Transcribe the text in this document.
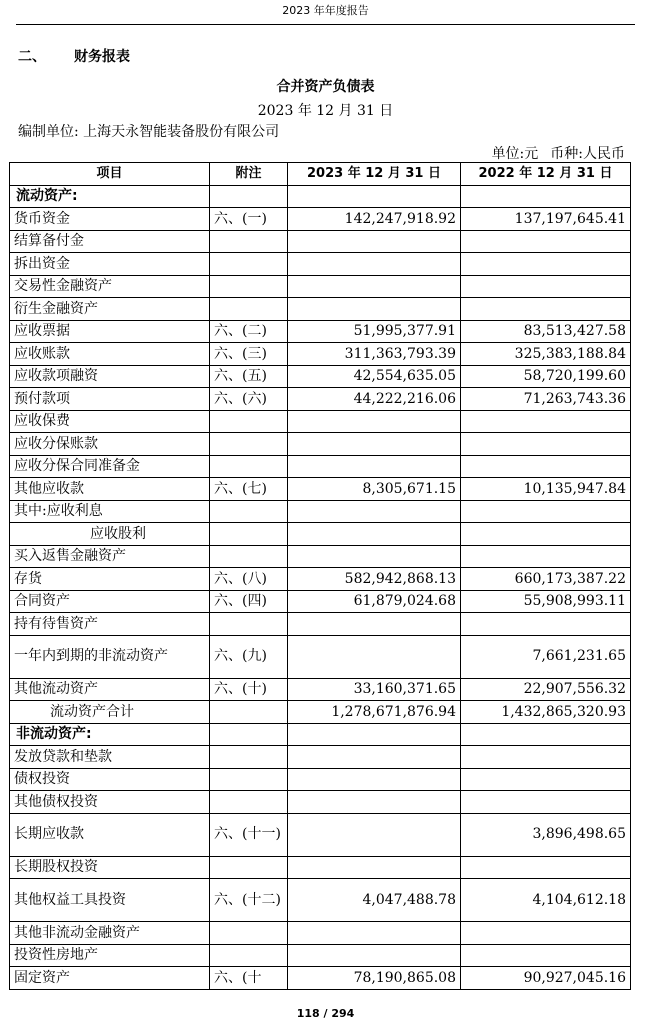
2023 年年度报告
二、 财务报表
合并资产负债表
2023 年 12 月 31 日
编制单位: 上海天永智能装备股份有限公司
单位:元 币种:人民币
项目	附注	2023 年 12 月 31 日	2022 年 12 月 31 日
流动资产:			
货币资金	六、(一)	142,247,918.92	137,197,645.41
结算备付金			
拆出资金			
交易性金融资产			
衍生金融资产			
应收票据	六、(二)	51,995,377.91	83,513,427.58
应收账款	六、(三)	311,363,793.39	325,383,188.84
应收款项融资	六、(五)	42,554,635.05	58,720,199.60
预付款项	六、(六)	44,222,216.06	71,263,743.36
应收保费			
应收分保账款			
应收分保合同准备金			
其他应收款	六、(七)	8,305,671.15	10,135,947.84
其中:应收利息			
应收股利			
买入返售金融资产			
存货	六、(八)	582,942,868.13	660,173,387.22
合同资产	六、(四)	61,879,024.68	55,908,993.11
持有待售资产			
一年内到期的非流动资产	六、(九)		7,661,231.65
其他流动资产	六、(十)	33,160,371.65	22,907,556.32
流动资产合计		1,278,671,876.94	1,432,865,320.93
非流动资产:			
发放贷款和垫款			
债权投资			
其他债权投资			
长期应收款	六、(十一)		3,896,498.65
长期股权投资			
其他权益工具投资	六、(十二)	4,047,488.78	4,104,612.18
其他非流动金融资产			
投资性房地产			
固定资产	六、(十	78,190,865.08	90,927,045.16
118 / 294
